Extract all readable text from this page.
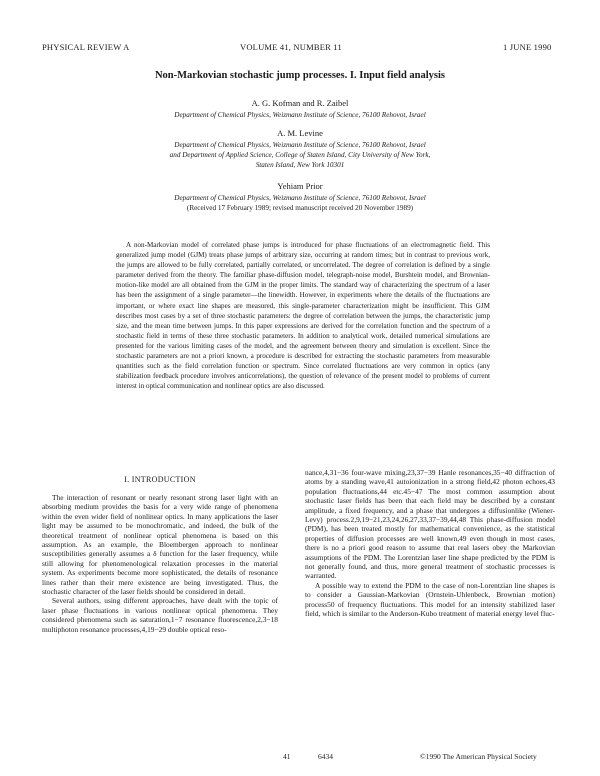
PHYSICAL REVIEW A	VOLUME 41, NUMBER 11	1 JUNE 1990
Non-Markovian stochastic jump processes. I. Input field analysis
A. G. Kofman and R. Zaibel
Department of Chemical Physics, Weizmann Institute of Science, 76100 Rehovot, Israel
A. M. Levine
Department of Chemical Physics, Weizmann Institute of Science, 76100 Rehovot, Israel
and Department of Applied Science, College of Staten Island, City University of New York,
Staten Island, New York 10301
Yehiam Prior
Department of Chemical Physics, Weizmann Institute of Science, 76100 Rehovot, Israel
(Received 17 February 1989; revised manuscript received 20 November 1989)
A non-Markovian model of correlated phase jumps is introduced for phase fluctuations of an electromagnetic field. This generalized jump model (GJM) treats phase jumps of arbitrary size, occurring at random times; but in contrast to previous work, the jumps are allowed to be fully correlated, partially correlated, or uncorrelated. The degree of correlation is defined by a single parameter derived from the theory. The familiar phase-diffusion model, telegraph-noise model, Burshtein model, and Brownian-motion-like model are all obtained from the GJM in the proper limits. The standard way of characterizing the spectrum of a laser has been the assignment of a single parameter—the linewidth. However, in experiments where the details of the fluctuations are important, or where exact line shapes are measured, this single-parameter characterization might be insufficient. This GJM describes most cases by a set of three stochastic parameters: the degree of correlation between the jumps, the characteristic jump size, and the mean time between jumps. In this paper expressions are derived for the correlation function and the spectrum of a stochastic field in terms of these three stochastic parameters. In addition to analytical work, detailed numerical simulations are presented for the various limiting cases of the model, and the agreement between theory and simulation is excellent. Since the stochastic parameters are not a priori known, a procedure is described for extracting the stochastic parameters from measurable quantities such as the field correlation function or spectrum. Since correlated fluctuations are very common in optics (any stabilization feedback procedure involves anticorrelations), the question of relevance of the present model to problems of current interest in optical communication and nonlinear optics are also discussed.
I. INTRODUCTION

The interaction of resonant or nearly resonant strong laser light with an absorbing medium provides the basis for a very wide range of phenomena within the even wider field of nonlinear optics. In many applications the laser light may be assumed to be monochromatic, and indeed, the bulk of the theoretical treatment of nonlinear optical phenomena is based on this assumption. As an example, the Bloembergen approach to nonlinear susceptibilities generally assumes a δ function for the laser frequency, while still allowing for phenomenological relaxation processes in the material system. As experiments become more sophisticated, the details of resonance lines rather than their mere existence are being investigated. Thus, the stochastic character of the laser fields should be considered in detail.

Several authors, using different approaches, have dealt with the topic of laser phase fluctuations in various nonlinear optical phenomena. They considered phenomena such as saturation,1−7 resonance fluorescence,2,3−18 multiphoton resonance processes,4,19−29 double optical reso-

nance,4,31−36 four-wave mixing,23,37−39 Hanle resonances,35−40 diffraction of atoms by a standing wave,41 autoionization in a strong field,42 photon echoes,43 population fluctuations,44 etc.45−47 The most common assumption about stochastic laser fields has been that each field may be described by a constant amplitude, a fixed frequency, and a phase that undergoes a diffusionlike (Wiener-Levy) process.2,9,19−21,23,24,26,27,33,37−39,44,48 This phase-diffusion model (PDM), has been treated mostly for mathematical convenience, as the statistical properties of diffusion processes are well known,49 even though in most cases, there is no a priori good reason to assume that real lasers obey the Markovian assumptions of the PDM. The Lorentzian laser line shape predicted by the PDM is not generally found, and thus, more general treatment of stochastic processes is warranted.

A possible way to extend the PDM to the case of non-Lorentzian line shapes is to consider a Gaussian-Markovian (Ornstein-Uhlenbeck, Brownian motion) process50 of frequency fluctuations. This model for an intensity stabilized laser field, which is similar to the Anderson-Kubo treatment of material energy level fluc-

41	6434	©1990 The American Physical Society
